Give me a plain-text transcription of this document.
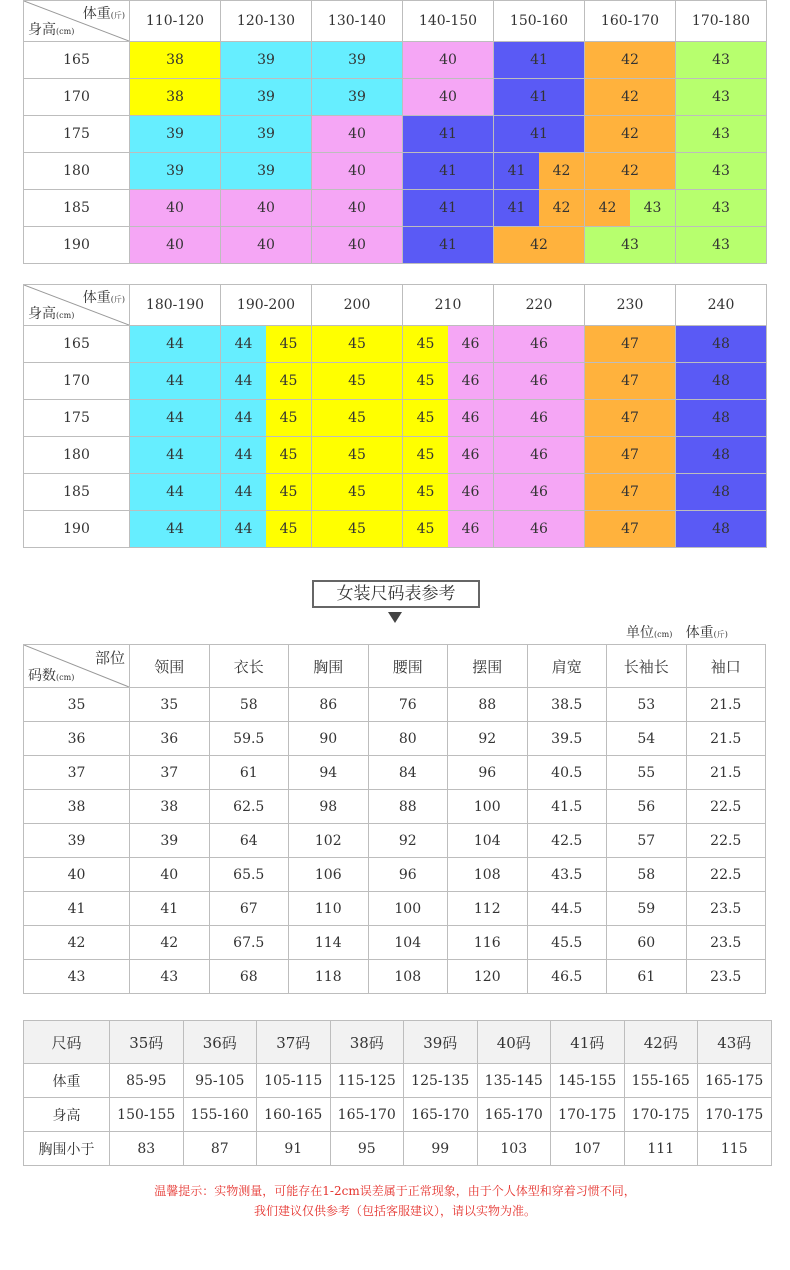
体重(斤)
身高(cm)	110-120	120-130	130-140	140-150	150-160	160-170	170-180
165	38	39	39	40	41	42	43
170	38	39	39	40	41	42	43
175	39	39	40	41	41	42	43
180	39	39	40	41	41 42	42	43
185	40	40	40	41	41 42	42 43	43
190	40	40	40	41	42	43	43
体重(斤)
身高(cm)	180-190	190-200	200	210	220	230	240
165	44	44 45	45	45 46	46	47	48
170	44	44 45	45	45 46	46	47	48
175	44	44 45	45	45 46	46	47	48
180	44	44 45	45	45 46	46	47	48
185	44	44 45	45	45 46	46	47	48
190	44	44 45	45	45 46	46	47	48
女装尺码表参考
单位(cm) 体重(斤)
部位
码数(cm)	领围	衣长	胸围	腰围	摆围	肩宽	长袖长	袖口
35	35	58	86	76	88	38.5	53	21.5
36	36	59.5	90	80	92	39.5	54	21.5
37	37	61	94	84	96	40.5	55	21.5
38	38	62.5	98	88	100	41.5	56	22.5
39	39	64	102	92	104	42.5	57	22.5
40	40	65.5	106	96	108	43.5	58	22.5
41	41	67	110	100	112	44.5	59	23.5
42	42	67.5	114	104	116	45.5	60	23.5
43	43	68	118	108	120	46.5	61	23.5
尺码	35码	36码	37码	38码	39码	40码	41码	42码	43码
体重	85-95	95-105	105-115	115-125	125-135	135-145	145-155	155-165	165-175
身高	150-155	155-160	160-165	165-170	165-170	165-170	170-175	170-175	170-175
胸围小于	83	87	91	95	99	103	107	111	115
温馨提示：实物测量，可能存在1-2cm误差属于正常现象，由于个人体型和穿着习惯不同，
我们建议仅供参考（包括客服建议），请以实物为准。
